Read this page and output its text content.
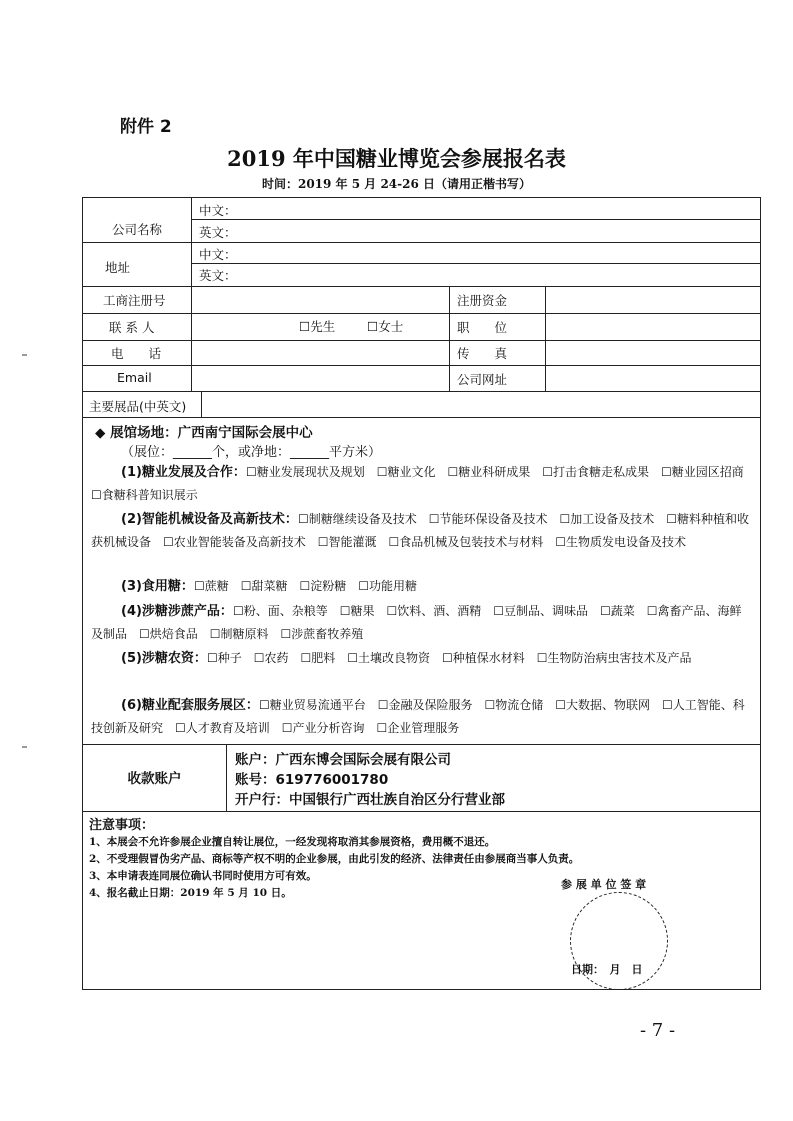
附件 2
2019 年中国糖业博览会参展报名表
时间：2019 年 5 月 24-26 日（请用正楷书写）
公司名称
中文：
英文：
地址
中文：
英文：
工商注册号	注册资金
联 系 人	☐先生	☐女士	职　　位
电　　话	传　　真
Email	公司网址
主要展品(中英文)
◆ 展馆场地：广西南宁国际会展中心
（展位：______个，或净地：______平方米）
(1)糖业发展及合作：☐糖业发展现状及规划　☐糖业文化　☐糖业科研成果　☐打击食糖走私成果　☐糖业园区招商　☐食糖科普知识展示
(2)智能机械设备及高新技术：☐制糖继续设备及技术　☐节能环保设备及技术　☐加工设备及技术　☐糖料种植和收获机械设备　☐农业智能装备及高新技术　☐智能灌溉　☐食品机械及包装技术与材料　☐生物质发电设备及技术
(3)食用糖：☐蔗糖　☐甜菜糖　☐淀粉糖　☐功能用糖
(4)涉糖涉蔗产品：☐粉、面、杂粮等　☐糖果　☐饮料、酒、酒精　☐豆制品、调味品　☐蔬菜　☐禽畜产品、海鲜及制品　☐烘焙食品　☐制糖原料　☐涉蔗畜牧养殖
(5)涉糖农资：☐种子　☐农药　☐肥料　☐土壤改良物资　☐种植保水材料　☐生物防治病虫害技术及产品
(6)糖业配套服务展区：☐糖业贸易流通平台　☐金融及保险服务　☐物流仓储　☐大数据、物联网　☐人工智能、科技创新及研究　☐人才教育及培训　☐产业分析咨询　☐企业管理服务
收款账户
账户：广西东博会国际会展有限公司
账号：619776001780
开户行：中国银行广西壮族自治区分行营业部
注意事项：
1、本展会不允许参展企业擅自转让展位，一经发现将取消其参展资格，费用概不退还。
2、不受理假冒伪劣产品、商标等产权不明的企业参展，由此引发的经济、法律责任由参展商当事人负责。
3、本申请表连同展位确认书同时使用方可有效。
4、报名截止日期：2019 年 5 月 10 日。
参 展 单 位 签 章
日期：　月　日
- 7 -
